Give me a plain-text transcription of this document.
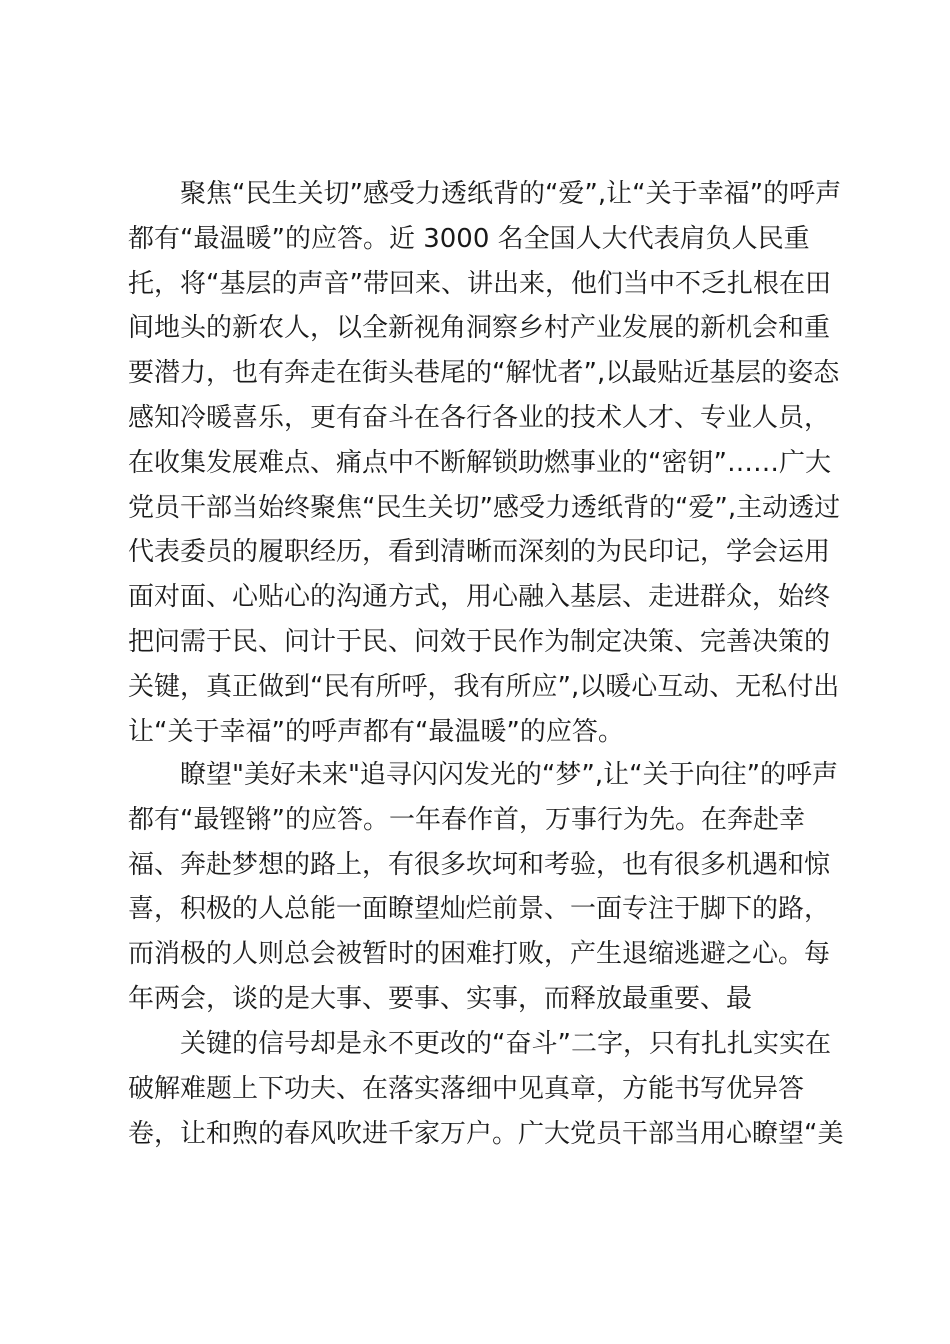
聚焦“民生关切”感受力透纸背的“爱”,让“关于幸福”的呼声
都有“最温暖”的应答。近 3000 名全国人大代表肩负人民重
托，将“基层的声音”带回来、讲出来，他们当中不乏扎根在田
间地头的新农人，以全新视角洞察乡村产业发展的新机会和重
要潜力，也有奔走在街头巷尾的“解忧者”,以最贴近基层的姿态
感知冷暖喜乐，更有奋斗在各行各业的技术人才、专业人员，
在收集发展难点、痛点中不断解锁助燃事业的“密钥”……广大
党员干部当始终聚焦“民生关切”感受力透纸背的“爱”,主动透过
代表委员的履职经历，看到清晰而深刻的为民印记，学会运用
面对面、心贴心的沟通方式，用心融入基层、走进群众，始终
把问需于民、问计于民、问效于民作为制定决策、完善决策的
关键，真正做到“民有所呼，我有所应”,以暖心互动、无私付出
让“关于幸福”的呼声都有“最温暖”的应答。
瞭望"美好未来"追寻闪闪发光的“梦”,让“关于向往”的呼声
都有“最铿锵”的应答。一年春作首，万事行为先。在奔赴幸
福、奔赴梦想的路上，有很多坎坷和考验，也有很多机遇和惊
喜，积极的人总能一面瞭望灿烂前景、一面专注于脚下的路，
而消极的人则总会被暂时的困难打败，产生退缩逃避之心。每
年两会，谈的是大事、要事、实事，而释放最重要、最
关键的信号却是永不更改的“奋斗”二字，只有扎扎实实在
破解难题上下功夫、在落实落细中见真章，方能书写优异答
卷，让和煦的春风吹进千家万户。广大党员干部当用心瞭望“美
